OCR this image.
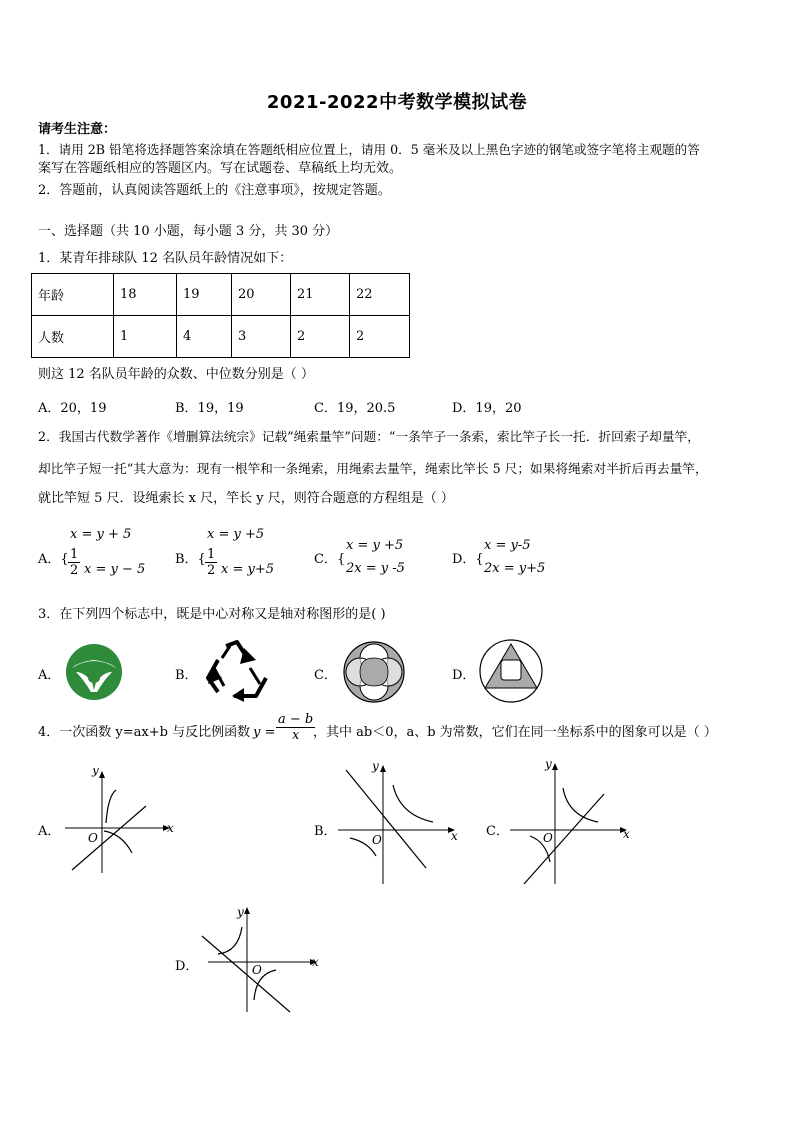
2021-2022中考数学模拟试卷
请考生注意：
1．请用 2B 铅笔将选择题答案涂填在答题纸相应位置上，请用 0．5 毫米及以上黑色字迹的钢笔或签字笔将主观题的答
案写在答题纸相应的答题区内。写在试题卷、草稿纸上均无效。
2．答题前，认真阅读答题纸上的《注意事项》，按规定答题。
一、选择题（共 10 小题，每小题 3 分，共 30 分）
1．某青年排球队 12 名队员年龄情况如下：
年龄	18	19	20	21	22
人数	1	4	3	2	2
则这 12 名队员年龄的众数、中位数分别是（ ）
A．20，19	B．19，19	C．19，20.5	D．19，20
2．我国古代数学著作《增删算法统宗》记载”绳索量竿”问题：“一条竿子一条索，索比竿子长一托．折回索子却量竿，
却比竿子短一托“其大意为：现有一根竿和一条绳索，用绳索去量竿，绳索比竿长 5 尺；如果将绳索对半折后再去量竿，
就比竿短 5 尺．设绳索长 x 尺，竿长 y 尺，则符合题意的方程组是（ ）
A．{
x = y + 5
$\frac{1}{2}$ x = y − 5
B．{
x = y +5
$\frac{1}{2}$ x = y+5
C．{
x = y +5
2x = y -5
D．{
x = y-5
2x = y+5
3．在下列四个标志中，既是中心对称又是轴对称图形的是( )
A．	B．	C．	D．
4．一次函数 y=ax+b 与反比例函数 $y = \frac{a - b}{x}$
，其中 ab＜0，a、b 为常数，它们在同一坐标系中的图象可以是（ ）
A．	B．	C．
D．
y
x
O
y
x
O
y
x
O
y
x
O
